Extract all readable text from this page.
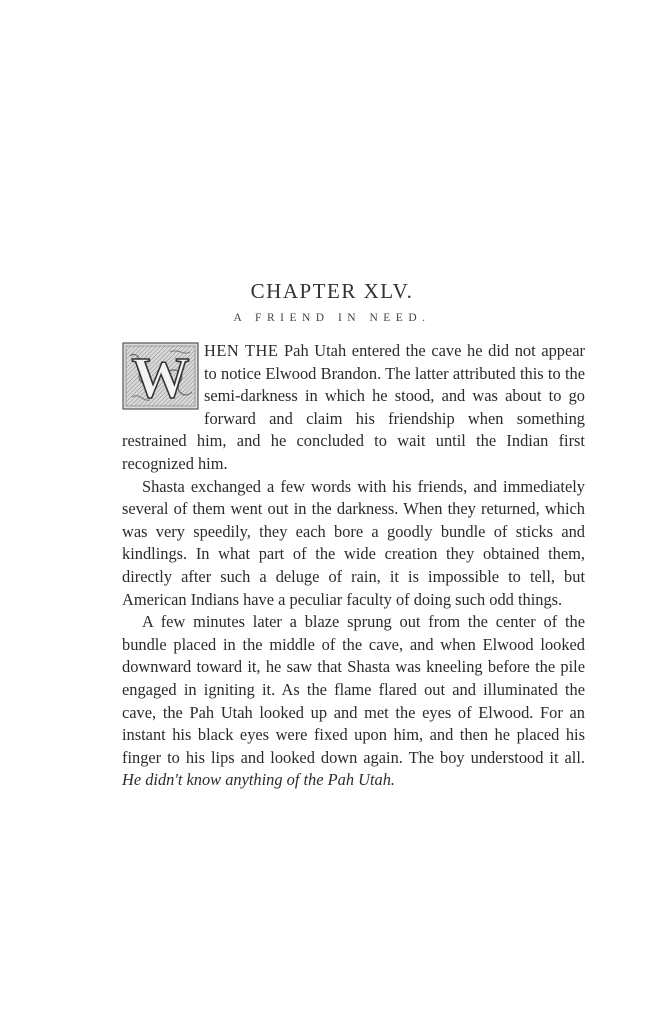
CHAPTER XLV.
A FRIEND IN NEED.

W HEN THE Pah Utah entered the cave he did not appear to notice Elwood Brandon. The latter attributed this to the semi-darkness in which he stood, and was about to go forward and claim his friendship when something restrained him, and he concluded to wait until the Indian first recognized him.

Shasta exchanged a few words with his friends, and immediately several of them went out in the darkness. When they returned, which was very speedily, they each bore a goodly bundle of sticks and kindlings. In what part of the wide creation they obtained them, directly after such a deluge of rain, it is impossible to tell, but American Indians have a peculiar faculty of doing such odd things.

A few minutes later a blaze sprung out from the center of the bundle placed in the middle of the cave, and when Elwood looked downward toward it, he saw that Shasta was kneeling before the pile engaged in igniting it. As the flame flared out and illuminated the cave, the Pah Utah looked up and met the eyes of Elwood. For an instant his black eyes were fixed upon him, and then he placed his finger to his lips and looked down again. The boy understood it all. He didn't know anything of the Pah Utah.
